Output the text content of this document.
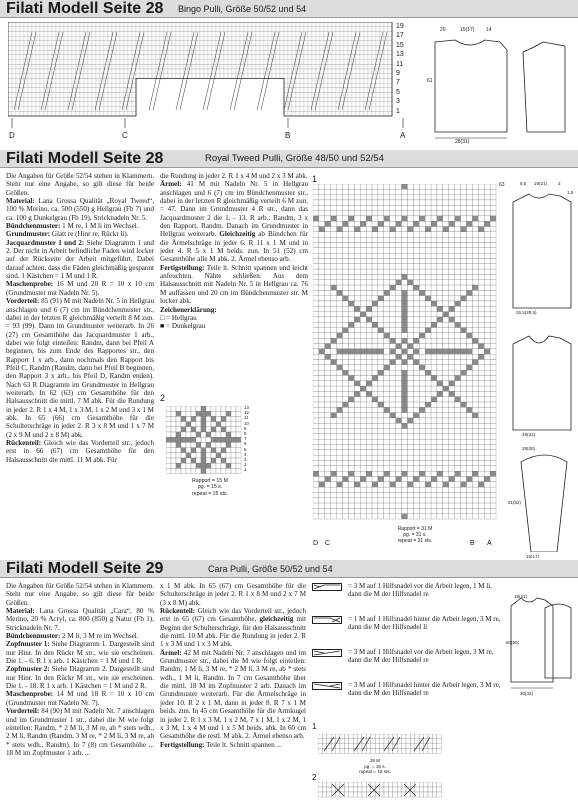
Filati Modell Seite 28 Bingo Pulli, Größe 50/52 und 54
19
17
15
13
11
9
7
5
3
1
D	C	B	A
20	15(17) 14
61
28(31)
Filati Modell Seite 28	Royal Tweed Pulli, Größe 48/50 und 52/54

Die Angaben für Größe 52/54 stehen in Klammern. Steht nur eine Angabe, so gilt diese für beide Größen.

Material: Lana Grossa Qualität „Royal Tweed“, 100 % Merino, ca. 500 (550) g Hellgrau (Fb 7) und ca. 100 g Dunkelgrau (Fb 19), Stricknadeln Nr. 5.

Bündchenmuster: 1 M re, 1 M li im Wechsel.

Grundmuster: Glatt re (Hinr re, Rückr li).

Jacquardmuster 1 und 2: Siehe Diagramm 1 und 2. Der nicht in Arbeit befindliche Faden wird locker auf der Rückseite der Arbeit mitgeführt. Dabei darauf achten, dass die Fäden gleichmäßig gespannt sind. 1 Kästchen = 1 M und 1 R.

Maschenprobe: 16 M und 20 R = 10 x 10 cm (Grundmuster mit Nadeln Nr. 5).

Vorderteil: 85 (91) M mit Nadeln Nr. 5 in Hellgrau anschlagen und 6 (7) cm im Bündchenmuster str., dabei in der letzten R gleichmäßig verteilt 8 M zun. = 93 (99). Dann im Grundmuster weiterarb. In 26 (27) cm Gesamthöhe das Jacquardmuster 1 arb., dabei wie folgt einteilen: Randm, dann bei Pfeil A beginnen, bis zum Ende des Rapportes str., den Rapport 1 x arb., dann nochmals den Rapport bis Pfeil C, Randm (Randm, dann bei Pfeil B beginnen, den Rapport 3 x arb., bis Pfeil D, Randm enden). Nach 63 R Diagramm im Grundmuster in Hellgrau weiterarb. In 62 (63) cm Gesamthöhe für den Halsausschnitt die mittl. 7 M abk. Für die Rundung in jeder 2. R 1 x 4 M, 1 x 3 M, 1 x 2 M und 3 x 1 M abk. In 65 (66) cm Gesamthöhe für die Schulterschräge in jeder 2. R 3 x 8 M und 1 x 7 M (2 x 9 M und 2 x 8 M) abk.

Rückenteil: Gleich wie das Vorderteil str., jedoch erst in 66 (67) cm Gesamthöhe für den Halsausschnitt die mittl. 11 M abk. Für

die Rundung in jeder 2. R 1 x 4 M und 2 x 3 M abk.

Ärmel: 41 M mit Nadeln Nr. 5 in Hellgrau anschlagen und 6 (7) cm im Bündchenmuster str., dabei in der letzten R gleichmäßig verteilt 6 M zun. = 47. Dann im Grundmuster 4 R str., dann das Jacquardmuster 2 die 1. - 13. R arb.: Randm, 3 x den Rapport, Randm. Danach im Grundmuster in Hellgrau weiterarb. Gleichzeitig ab Bündchen für die Ärmelschräge in jeder 6. R 11 x 1 M und in jeder 4. R 5 x 1 M beids. zun. In 51 (52) cm Gesamthöhe alle M abk. 2. Ärmel ebenso arb.

Fertigstellung: Teile lt. Schnitt spannen und leicht anfeuchten. Nähte schließen. Aus dem Halsausschnitt mit Nadeln Nr. 5 in Hellgrau ca. 76 M auffassen und 20 cm im Bündchenmuster str. M locker abk.

Zeichenerklärung:

□ = Hellgrau

■ = Dunkelgrau

2
13
12
11
10
9
8
7
6
5
4
3
2
1
Rapport = 15 M
pg. = 15 s.
repeat = 15 sts.
1
63
Rapport = 31 M
pg. = 31 s.
repeat = 31 sts.
D C	B A
9,5 19(21) 2
1,5
26,5(28,5)
29(31)
28(30)
15(17)
51(52)
Filati Modell Seite 29	Cara Pulli, Größe 50/52 und 54

Die Angaben für Größe 52/54 stehen in Klammern. Steht nur eine Angabe, so gilt diese für beide Größen.

Material: Lana Grossa Qualität „Cara“, 80 % Merino, 20 % Acryl, ca. 800 (850) g Natur (Fb 1), Stricknadeln Nr. 7.

Bündchenmuster: 2 M li, 3 M re im Wechsel.

Zopfmuster 1: Siehe Diagramm 1. Dargestellt sind nur Hinr. In den Rückr M str., wie sie erscheinen. Die 1. - 6. R 1 x arb. 1 Kästchen = 1 M und 1 R.

Zopfmuster 2: Siehe Diagramm 2. Dargestellt sind nur Hinr. In den Rückr M str., wie sie erscheinen. Die 1. - 18. R 1 x arb. 1 Kästchen = 1 M und 2 R.

Maschenprobe: 14 M und 18 R = 10 x 10 cm (Grundmuster mit Nadeln Nr. 7).

Vorderteil: 84 (90) M mit Nadeln Nr. 7 anschlagen und im Grundmuster 1 str., dabei die M wie folgt einteilen: Randm, * 2 M li, 3 M re, ab * stets wdh., 2 M li, Randm (Randm, 3 M re, * 2 M li, 3 M re, ab * stets wdh., Randm). In 7 (8) cm Gesamthöhe ... 18 M im Zopfmuster 1 arb. ...

x 1 M abk. In 65 (67) cm Gesamthöhe für die Schulterschräge in jeder 2. R 1 x 8 M und 2 x 7 M (3 x 8 M) abk.

Rückenteil: Gleich wie das Vorderteil str., jedoch erst in 65 (67) cm Gesamthöhe, gleichzeitig mit Beginn der Schulterschräge, für den Halsausschnitt die mittl. 10 M abk. Für die Rundung in jeder 2. R 1 x 3 M und 1 x 3 M abk.

Ärmel: 42 M mit Nadeln Nr. 7 anschlagen und im Grundmuster str., dabei die M wie folgt einteilen: Randm, 1 M li, 3 M re, * 2 M li, 3 M re, ab * stets wdh., 1 M li, Randm. In 7 cm Gesamthöhe über die mittl. 18 M im Zopfmuster 2 arb. Danach im Grundmuster weiterarb. Für die Ärmelschräge in jeder 10. R 2 x 1 M, dann in jeder 8. R 7 x 1 M beids. zun. In 45 cm Gesamthöhe für die Armkugel in jeder 2. R 1 x 3 M, 1 x 2 M, 7 x 1 M, 1 x 2 M, 1 x 3 M, 1 x 4 M und 1 x 5 M beids. abk. In 60 cm Gesamthöhe die restl. M abk. 2. Ärmel ebenso arb.

Fertigstellung: Teile lt. Schnitt spannen ...

= 3 M auf 1 Hilfsnadel vor die Arbeit legen, 1 M li, dann die M der Hilfsnadel re
= 1 M auf 1 Hilfsnadel hinter die Arbeit legen, 3 M re, dann die M der Hilfsnadel li
= 3 M auf 1 Hilfsnadel vor die Arbeit legen, 3 M re, dann die M der Hilfsnadel re
= 3 M auf 1 Hilfsnadel hinter die Arbeit legen, 3 M re, dann die M der Hilfsnadel re
1
28 M
pg. = 18 s.
repeat = 18 sts.
2
19(21)
30(32)
60(60)
